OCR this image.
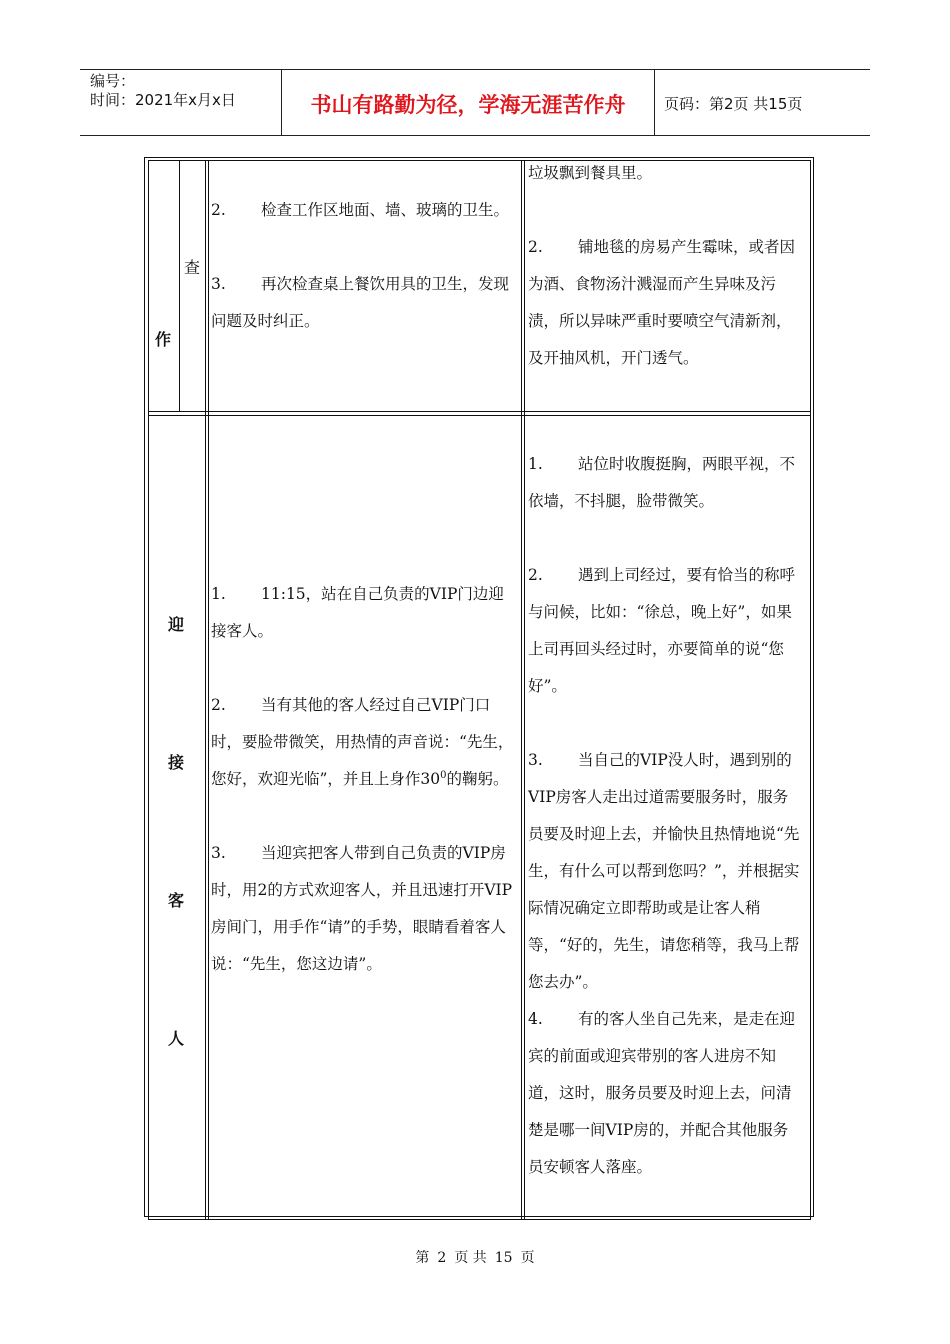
编号：
时间：2021年x月x日	书山有路勤为径，学海无涯苦作舟	页码：第2页 共15页
作
查

2. 检查工作区地面、墙、玻璃的卫生。

3. 再次检查桌上餐饮用具的卫生，发现问题及时纠正。

垃圾飘到餐具里。

2. 铺地毯的房易产生霉味，或者因为酒、食物汤汁溅湿而产生异味及污渍，所以异味严重时要喷空气清新剂，及开抽风机，开门透气。

迎
接
客
人

1. 11:15，站在自己负责的VIP门边迎接客人。

2. 当有其他的客人经过自己VIP门口时，要脸带微笑，用热情的声音说：“先生，您好，欢迎光临”，并且上身作$30^0$的鞠躬。

3. 当迎宾把客人带到自己负责的VIP房时，用2的方式欢迎客人，并且迅速打开VIP房间门，用手作“请”的手势，眼睛看着客人说：“先生，您这边请”。

1. 站位时收腹挺胸，两眼平视，不依墙，不抖腿，脸带微笑。

2. 遇到上司经过，要有恰当的称呼与问候，比如：“徐总，晚上好”，如果上司再回头经过时，亦要简单的说“您好”。

3. 当自己的VIP没人时，遇到别的VIP房客人走出过道需要服务时，服务员要及时迎上去，并愉快且热情地说“先生，有什么可以帮到您吗？”，并根据实际情况确定立即帮助或是让客人稍等，“好的，先生，请您稍等，我马上帮您去办”。

4. 有的客人坐自己先来，是走在迎宾的前面或迎宾带别的客人进房不知道，这时，服务员要及时迎上去，问清楚是哪一间VIP房的，并配合其他服务员安顿客人落座。

第 2 页 共 15 页
